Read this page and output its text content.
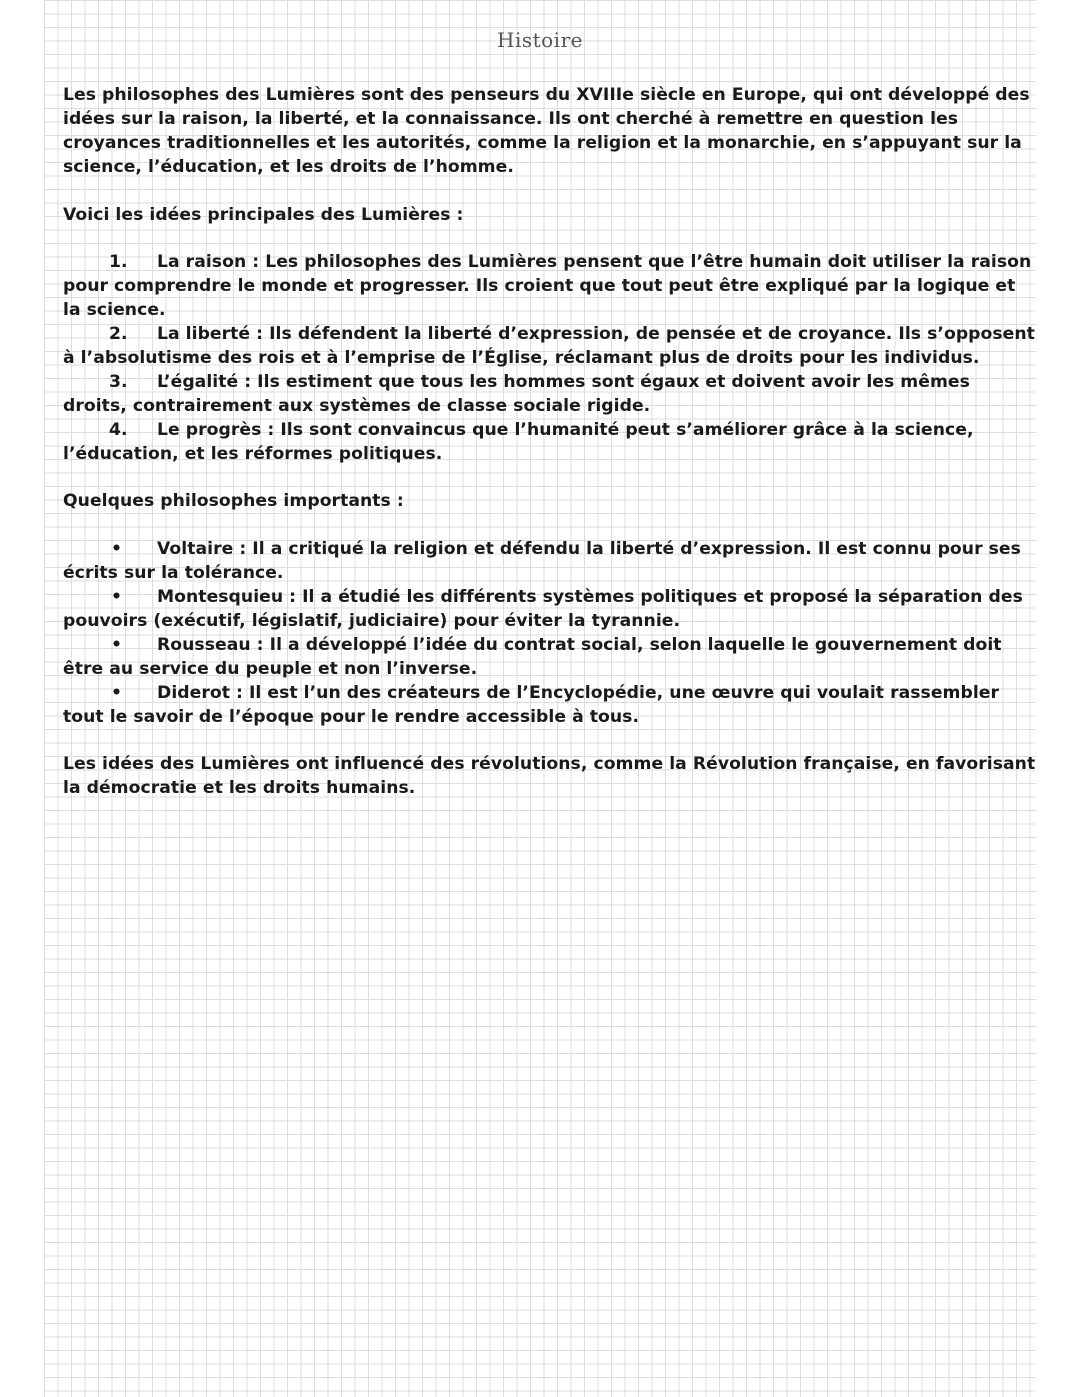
Histoire

Les philosophes des Lumières sont des penseurs du XVIIIe siècle en Europe, qui ont développé des idées sur la raison, la liberté, et la connaissance. Ils ont cherché à remettre en question les croyances traditionnelles et les autorités, comme la religion et la monarchie, en s’appuyant sur la science, l’éducation, et les droits de l’homme.

Voici les idées principales des Lumières :

1. La raison : Les philosophes des Lumières pensent que l’être humain doit utiliser la raison pour comprendre le monde et progresser. Ils croient que tout peut être expliqué par la logique et la science.

2. La liberté : Ils défendent la liberté d’expression, de pensée et de croyance. Ils s’opposent à l’absolutisme des rois et à l’emprise de l’Église, réclamant plus de droits pour les individus.

3. L’égalité : Ils estiment que tous les hommes sont égaux et doivent avoir les mêmes droits, contrairement aux systèmes de classe sociale rigide.

4. Le progrès : Ils sont convaincus que l’humanité peut s’améliorer grâce à la science, l’éducation, et les réformes politiques.

Quelques philosophes importants :

• Voltaire : Il a critiqué la religion et défendu la liberté d’expression. Il est connu pour ses écrits sur la tolérance.

• Montesquieu : Il a étudié les différents systèmes politiques et proposé la séparation des pouvoirs (exécutif, législatif, judiciaire) pour éviter la tyrannie.

• Rousseau : Il a développé l’idée du contrat social, selon laquelle le gouvernement doit être au service du peuple et non l’inverse.

• Diderot : Il est l’un des créateurs de l’Encyclopédie, une œuvre qui voulait rassembler tout le savoir de l’époque pour le rendre accessible à tous.

Les idées des Lumières ont influencé des révolutions, comme la Révolution française, en favorisant la démocratie et les droits humains.
